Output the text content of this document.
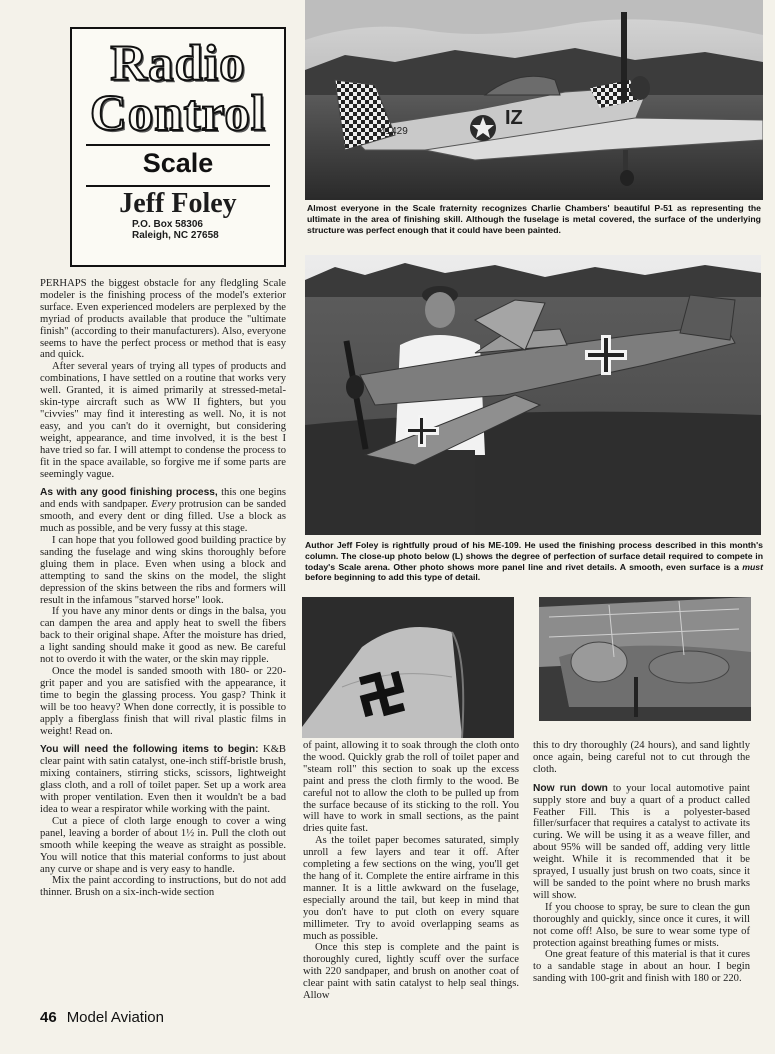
Radio
Control
Scale
Jeff Foley
P.O. Box 58306
Raleigh, NC 27658
41429
IZ
Almost everyone in the Scale fraternity recognizes Charlie Chambers' beautiful P-51 as representing the ultimate in the area of finishing skill. Although the fuselage is metal covered, the surface of the underlying structure was perfect enough that it could have been painted.
Author Jeff Foley is rightfully proud of his ME-109. He used the finishing process described in this month's column. The close-up photo below (L) shows the degree of perfection of surface detail required to compete in today's Scale arena. Other photo shows more panel line and rivet details. A smooth, even surface is a must before beginning to add this type of detail.

PERHAPS the biggest obstacle for any fledgling Scale modeler is the finishing process of the model's exterior surface. Even experienced modelers are perplexed by the myriad of products available that produce the "ultimate finish" (according to their manufacturers). Also, everyone seems to have the perfect process or method that is easy and quick.

After several years of trying all types of products and combinations, I have settled on a routine that works very well. Granted, it is aimed primarily at stressed-metal-skin-type aircraft such as WW II fighters, but you "civvies" may find it interesting as well. No, it is not easy, and you can't do it overnight, but considering weight, appearance, and time involved, it is the best I have tried so far. I will attempt to condense the process to fit in the space available, so forgive me if some parts are seemingly vague.

As with any good finishing process, this one begins and ends with sandpaper. Every protrusion can be sanded smooth, and every dent or ding filled. Use a block as much as possible, and be very fussy at this stage.

I can hope that you followed good building practice by sanding the fuselage and wing skins thoroughly before gluing them in place. Even when using a block and attempting to sand the skins on the model, the slight depression of the skins between the ribs and formers will result in the infamous "starved horse" look.

If you have any minor dents or dings in the balsa, you can dampen the area and apply heat to swell the fibers back to their original shape. After the moisture has dried, a light sanding should make it good as new. Be careful not to overdo it with the water, or the skin may ripple.

Once the model is sanded smooth with 180- or 220-grit paper and you are satisfied with the appearance, it time to begin the glassing process. You gasp? Think it will be too heavy? When done correctly, it is possible to apply a fiberglass finish that will rival plastic films in weight! Read on.

You will need the following items to begin: K&B clear paint with satin catalyst, one-inch stiff-bristle brush, mixing containers, stirring sticks, scissors, lightweight glass cloth, and a roll of toilet paper. Set up a work area with proper ventilation. Even then it wouldn't be a bad idea to wear a respirator while working with the paint.

Cut a piece of cloth large enough to cover a wing panel, leaving a border of about 1½ in. Pull the cloth out smooth while keeping the weave as straight as possible. You will notice that this material conforms to just about any curve or shape and is very easy to handle.

Mix the paint according to instructions, but do not add thinner. Brush on a six-inch-wide section

of paint, allowing it to soak through the cloth onto the wood. Quickly grab the roll of toilet paper and "steam roll" this section to soak up the excess paint and press the cloth firmly to the wood. Be careful not to allow the cloth to be pulled up from the surface because of its sticking to the roll. You will have to work in small sections, as the paint dries quite fast.

As the toilet paper becomes saturated, simply unroll a few layers and tear it off. After completing a few sections on the wing, you'll get the hang of it. Complete the entire airframe in this manner. It is a little awkward on the fuselage, especially around the tail, but keep in mind that you don't have to put cloth on every square millimeter. Try to avoid overlapping seams as much as possible.

Once this step is complete and the paint is thoroughly cured, lightly scuff over the surface with 220 sandpaper, and brush on another coat of clear paint with satin catalyst to help seal things. Allow

this to dry thoroughly (24 hours), and sand lightly once again, being careful not to cut through the cloth.

Now run down to your local automotive paint supply store and buy a quart of a product called Feather Fill. This is a polyester-based filler/surfacer that requires a catalyst to activate its curing. We will be using it as a weave filler, and about 95% will be sanded off, adding very little weight. While it is recommended that it be sprayed, I usually just brush on two coats, since it will be sanded to the point where no brush marks will show.

If you choose to spray, be sure to clean the gun thoroughly and quickly, since once it cures, it will not come off! Also, be sure to wear some type of protection against breathing fumes or mists.

One great feature of this material is that it cures to a sandable stage in about an hour. I begin sanding with 100-grit and finish with 180 or 220.

46 Model Aviation
